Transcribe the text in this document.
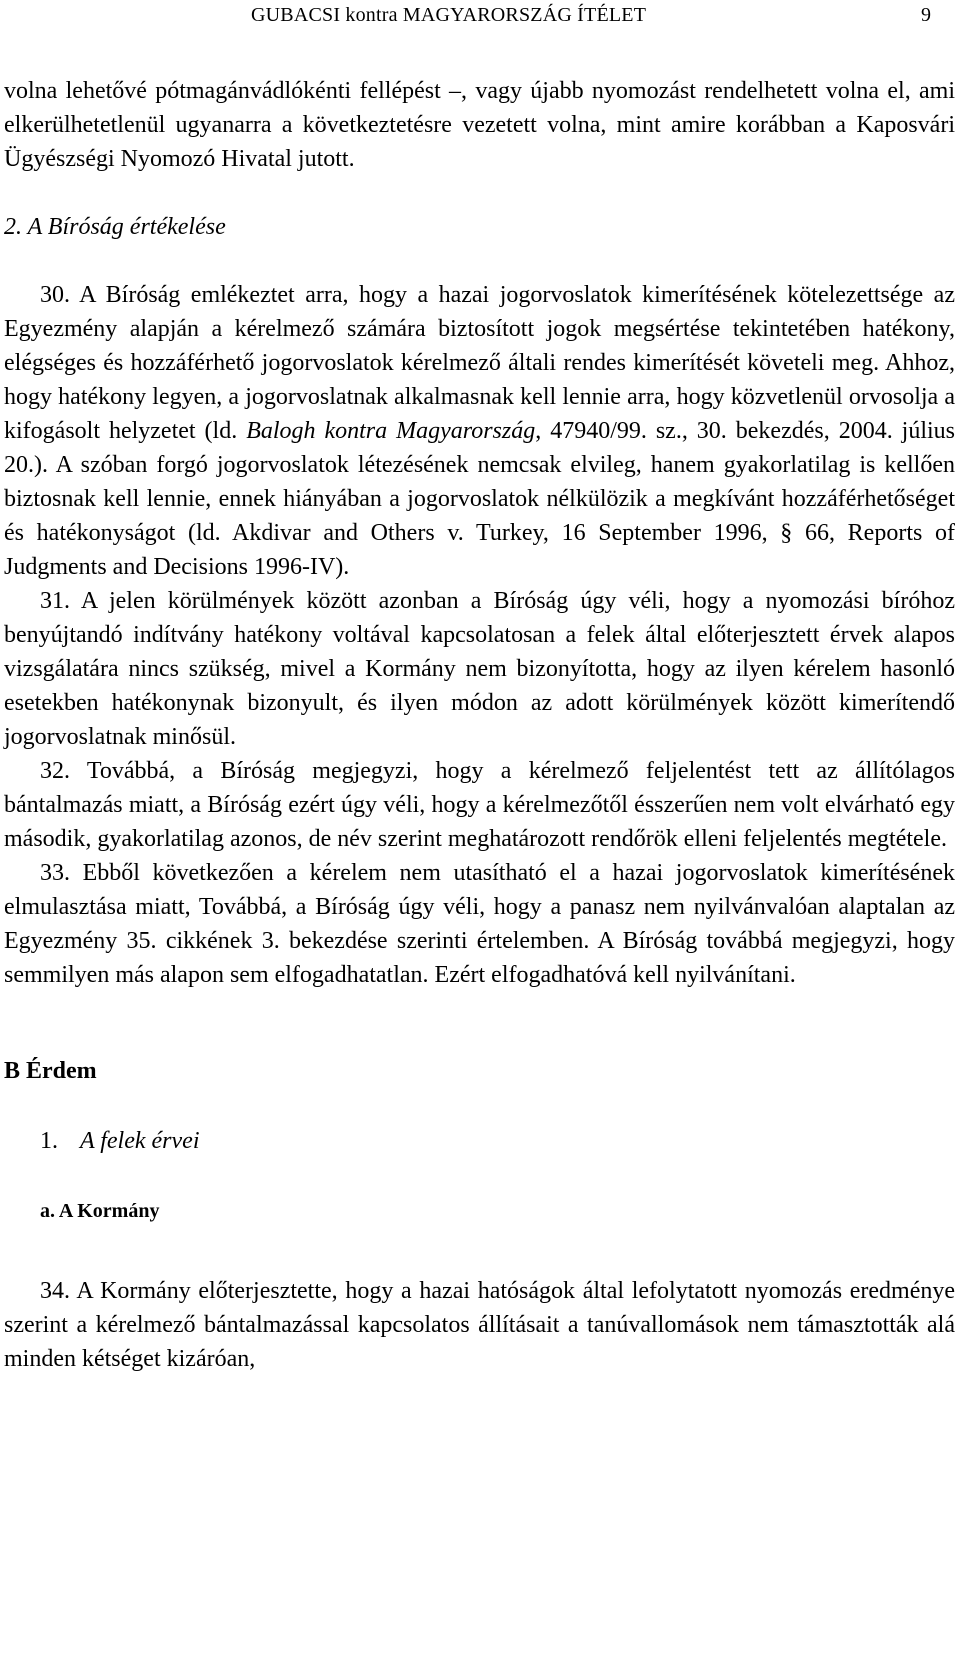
GUBACSI kontra MAGYARORSZÁG ÍTÉLET	9

volna lehetővé pótmagánvádlókénti fellépést –, vagy újabb nyomozást rendelhetett volna el, ami elkerülhetetlenül ugyanarra a következtetésre vezetett volna, mint amire korábban a Kaposvári Ügyészségi Nyomozó Hivatal jutott.

2. A Bíróság értékelése

30. A Bíróság emlékeztet arra, hogy a hazai jogorvoslatok kimerítésének kötelezettsége az Egyezmény alapján a kérelmező számára biztosított jogok megsértése tekintetében hatékony, elégséges és hozzáférhető jogorvoslatok kérelmező általi rendes kimerítését követeli meg. Ahhoz, hogy hatékony legyen, a jogorvoslatnak alkalmasnak kell lennie arra, hogy közvetlenül orvosolja a kifogásolt helyzetet (ld. Balogh kontra Magyarország, 47940/99. sz., 30. bekezdés, 2004. július 20.). A szóban forgó jogorvoslatok létezésének nemcsak elvileg, hanem gyakorlatilag is kellően biztosnak kell lennie, ennek hiányában a jogorvoslatok nélkülözik a megkívánt hozzáférhetőséget és hatékonyságot (ld. Akdivar and Others v. Turkey, 16 September 1996, § 66, Reports of Judgments and Decisions 1996-IV).

31. A jelen körülmények között azonban a Bíróság úgy véli, hogy a nyomozási bíróhoz benyújtandó indítvány hatékony voltával kapcsolatosan a felek által előterjesztett érvek alapos vizsgálatára nincs szükség, mivel a Kormány nem bizonyította, hogy az ilyen kérelem hasonló esetekben hatékonynak bizonyult, és ilyen módon az adott körülmények között kimerítendő jogorvoslatnak minősül.

32. Továbbá, a Bíróság megjegyzi, hogy a kérelmező feljelentést tett az állítólagos bántalmazás miatt, a Bíróság ezért úgy véli, hogy a kérelmezőtől ésszerűen nem volt elvárható egy második, gyakorlatilag azonos, de név szerint meghatározott rendőrök elleni feljelentés megtétele.

33. Ebből következően a kérelem nem utasítható el a hazai jogorvoslatok kimerítésének elmulasztása miatt, Továbbá, a Bíróság úgy véli, hogy a panasz nem nyilvánvalóan alaptalan az Egyezmény 35. cikkének 3. bekezdése szerinti értelemben. A Bíróság továbbá megjegyzi, hogy semmilyen más alapon sem elfogadhatatlan. Ezért elfogadhatóvá kell nyilvánítani.

B Érdem

1. A felek érvei

a. A Kormány

34. A Kormány előterjesztette, hogy a hazai hatóságok által lefolytatott nyomozás eredménye szerint a kérelmező bántalmazással kapcsolatos állításait a tanúvallomások nem támasztották alá minden kétséget kizáróan,
